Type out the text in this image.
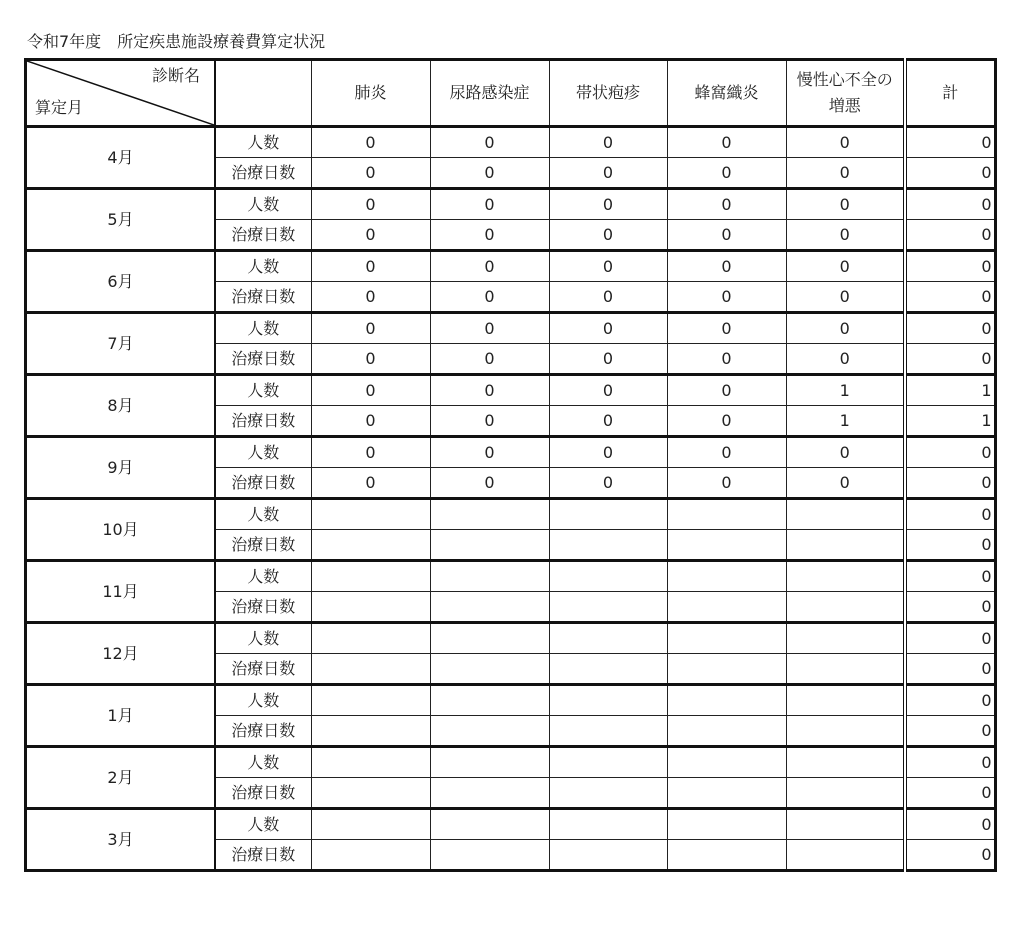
令和7年度　所定疾患施設療養費算定状況
診断名
算定月		肺炎	尿路感染症	帯状疱疹	蜂窩織炎	慢性心不全の増悪	計
4月	人数	0	0	0	0	0	0
	治療日数	0	0	0	0	0	0
5月	人数	0	0	0	0	0	0
	治療日数	0	0	0	0	0	0
6月	人数	0	0	0	0	0	0
	治療日数	0	0	0	0	0	0
7月	人数	0	0	0	0	0	0
	治療日数	0	0	0	0	0	0
8月	人数	0	0	0	0	1	1
	治療日数	0	0	0	0	1	1
9月	人数	0	0	0	0	0	0
	治療日数	0	0	0	0	0	0
10月	人数						0
	治療日数						0
11月	人数						0
	治療日数						0
12月	人数						0
	治療日数						0
1月	人数						0
	治療日数						0
2月	人数						0
	治療日数						0
3月	人数						0
	治療日数						0
